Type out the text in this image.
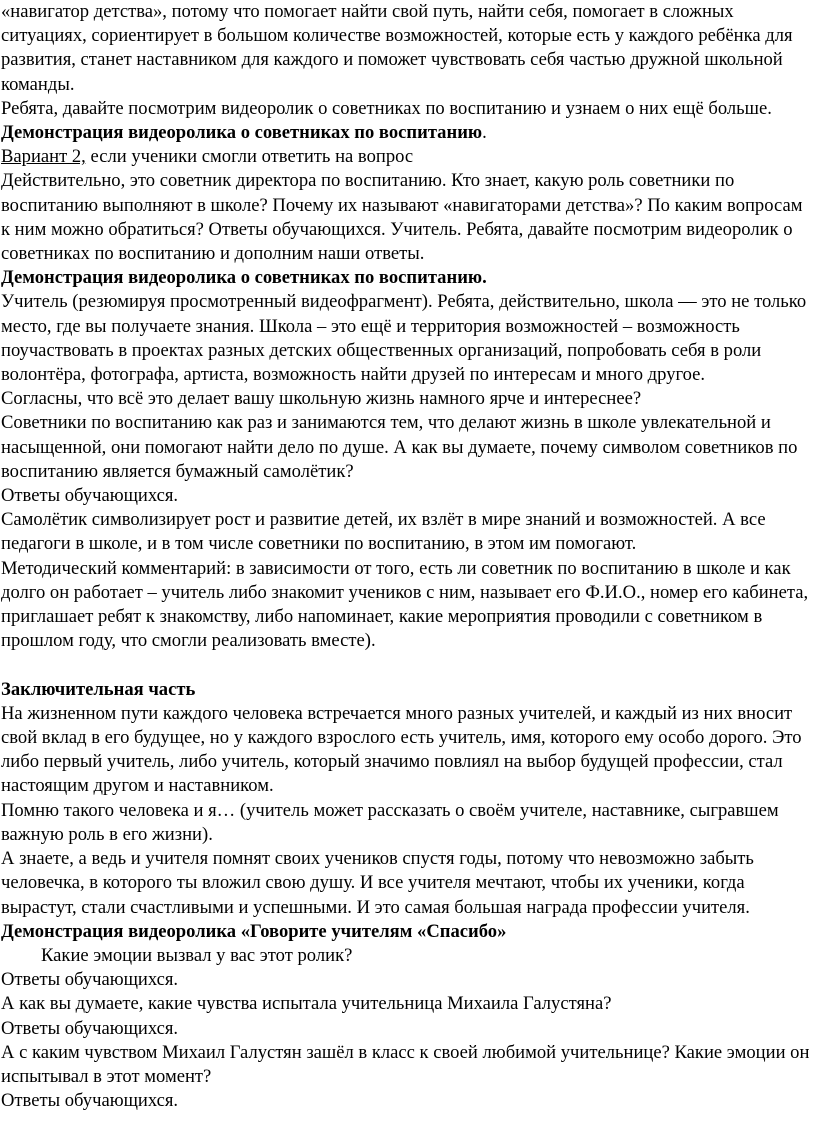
«навигатор детства», потому что помогает найти свой путь, найти себя, помогает в сложных ситуациях, сориентирует в большом количестве возможностей, которые есть у каждого ребёнка для развития, станет наставником для каждого и поможет чувствовать себя частью дружной школьной команды.

Ребята, давайте посмотрим видеоролик о советниках по воспитанию и узнаем о них ещё больше.

Демонстрация видеоролика о советниках по воспитанию.

Вариант 2, если ученики смогли ответить на вопрос

Действительно, это советник директора по воспитанию. Кто знает, какую роль советники по воспитанию выполняют в школе? Почему их называют «навигаторами детства»? По каким вопросам к ним можно обратиться? Ответы обучающихся. Учитель. Ребята, давайте посмотрим видеоролик о советниках по воспитанию и дополним наши ответы.

Демонстрация видеоролика о советниках по воспитанию.

Учитель (резюмируя просмотренный видеофрагмент). Ребята, действительно, школа — это не только место, где вы получаете знания. Школа – это ещё и территория возможностей – возможность поучаствовать в проектах разных детских общественных организаций, попробовать себя в роли волонтёра, фотографа, артиста, возможность найти друзей по интересам и много другое.

Согласны, что всё это делает вашу школьную жизнь намного ярче и интереснее?

Советники по воспитанию как раз и занимаются тем, что делают жизнь в школе увлекательной и насыщенной, они помогают найти дело по душе. А как вы думаете, почему символом советников по воспитанию является бумажный самолётик?

Ответы обучающихся.

Самолётик символизирует рост и развитие детей, их взлёт в мире знаний и возможностей. А все педагоги в школе, и в том числе советники по воспитанию, в этом им помогают.

Методический комментарий: в зависимости от того, есть ли советник по воспитанию в школе и как долго он работает – учитель либо знакомит учеников с ним, называет его Ф.И.О., номер его кабинета, приглашает ребят к знакомству, либо напоминает, какие мероприятия проводили с советником в прошлом году, что смогли реализовать вместе).

Заключительная часть

На жизненном пути каждого человека встречается много разных учителей, и каждый из них вносит свой вклад в его будущее, но у каждого взрослого есть учитель, имя, которого ему особо дорого. Это либо первый учитель, либо учитель, который значимо повлиял на выбор будущей профессии, стал настоящим другом и наставником.

Помню такого человека и я… (учитель может рассказать о своём учителе, наставнике, сыгравшем важную роль в его жизни).

А знаете, а ведь и учителя помнят своих учеников спустя годы, потому что невозможно забыть человечка, в которого ты вложил свою душу. И все учителя мечтают, чтобы их ученики, когда вырастут, стали счастливыми и успешными. И это самая большая награда профессии учителя.

Демонстрация видеоролика «Говорите учителям «Спасибо»

Какие эмоции вызвал у вас этот ролик?

Ответы обучающихся.

А как вы думаете, какие чувства испытала учительница Михаила Галустяна?

Ответы обучающихся.

А с каким чувством Михаил Галустян зашёл в класс к своей любимой учительнице? Какие эмоции он испытывал в этот момент?

Ответы обучающихся.
